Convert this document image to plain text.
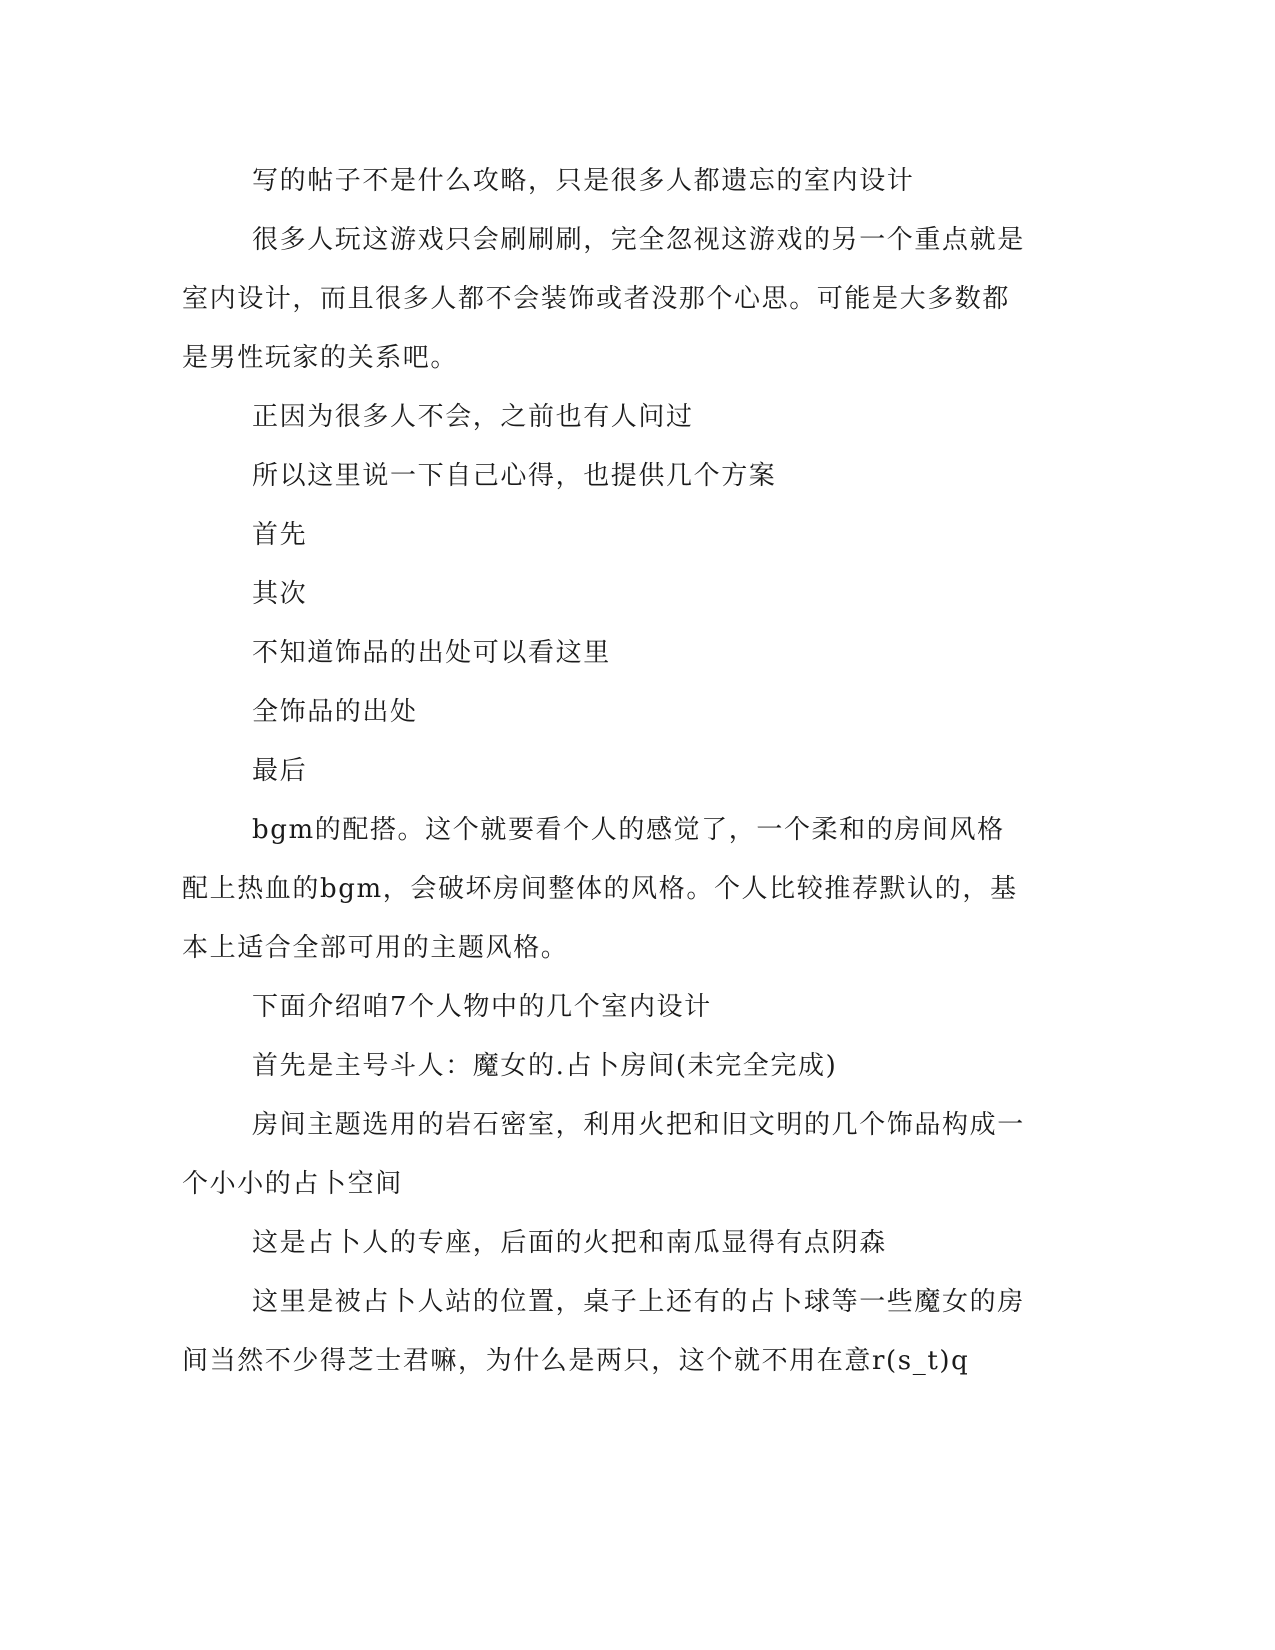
写的帖子不是什么攻略，只是很多人都遗忘的室内设计

很多人玩这游戏只会刷刷刷，完全忽视这游戏的另一个重点就是室内设计，而且很多人都不会装饰或者没那个心思。可能是大多数都是男性玩家的关系吧。

正因为很多人不会，之前也有人问过

所以这里说一下自己心得，也提供几个方案

首先

其次

不知道饰品的出处可以看这里

全饰品的出处

最后

bgm的配搭。这个就要看个人的感觉了，一个柔和的房间风格配上热血的bgm，会破坏房间整体的风格。个人比较推荐默认的，基本上适合全部可用的主题风格。

下面介绍咱7个人物中的几个室内设计

首先是主号斗人：魔女的.占卜房间(未完全完成)

房间主题选用的岩石密室，利用火把和旧文明的几个饰品构成一个小小的占卜空间

这是占卜人的专座，后面的火把和南瓜显得有点阴森

这里是被占卜人站的位置，桌子上还有的占卜球等一些魔女的房间当然不少得芝士君嘛，为什么是两只，这个就不用在意r(s_t)q
